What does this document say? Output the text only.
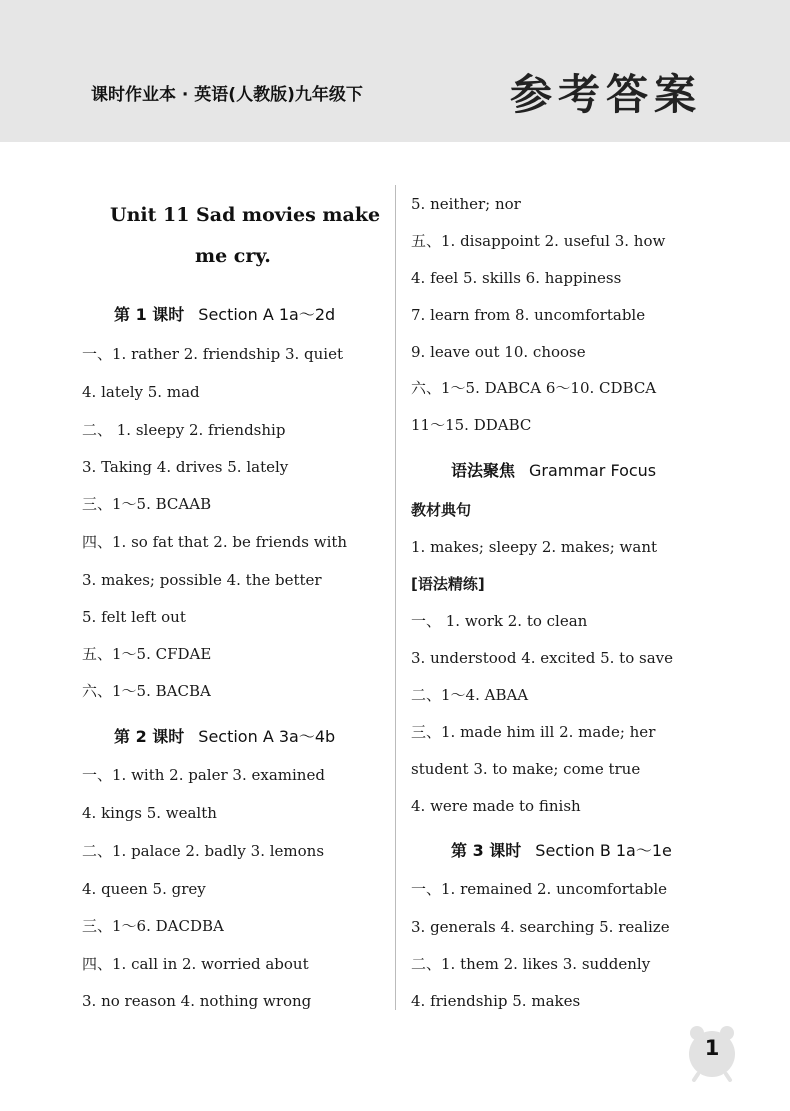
课时作业本 · 英语(人教版)九年级下	参考答案
Unit 11 Sad movies make
me cry.
第 1 课时 Section A 1a～2d
一、1. rather 2. friendship 3. quiet
4. lately 5. mad
二、 1. sleepy 2. friendship
3. Taking 4. drives 5. lately
三、1～5. BCAAB
四、1. so fat that 2. be friends with
3. makes; possible 4. the better
5. felt left out
五、1～5. CFDAE
六、1～5. BACBA
第 2 课时 Section A 3a～4b
一、1. with 2. paler 3. examined
4. kings 5. wealth
二、1. palace 2. badly 3. lemons
4. queen 5. grey
三、1～6. DACDBA
四、1. call in 2. worried about
3. no reason 4. nothing wrong
5. neither; nor
五、1. disappoint 2. useful 3. how
4. feel 5. skills 6. happiness
7. learn from 8. uncomfortable
9. leave out 10. choose
六、1～5. DABCA 6～10. CDBCA
11～15. DDABC
语法聚焦 Grammar Focus
教材典句
1. makes; sleepy 2. makes; want
[语法精练]
一、 1. work 2. to clean
3. understood 4. excited 5. to save
二、1～4. ABAA
三、1. made him ill 2. made; her
student 3. to make; come true
4. were made to finish
第 3 课时 Section B 1a～1e
一、1. remained 2. uncomfortable
3. generals 4. searching 5. realize
二、1. them 2. likes 3. suddenly
4. friendship 5. makes
1
